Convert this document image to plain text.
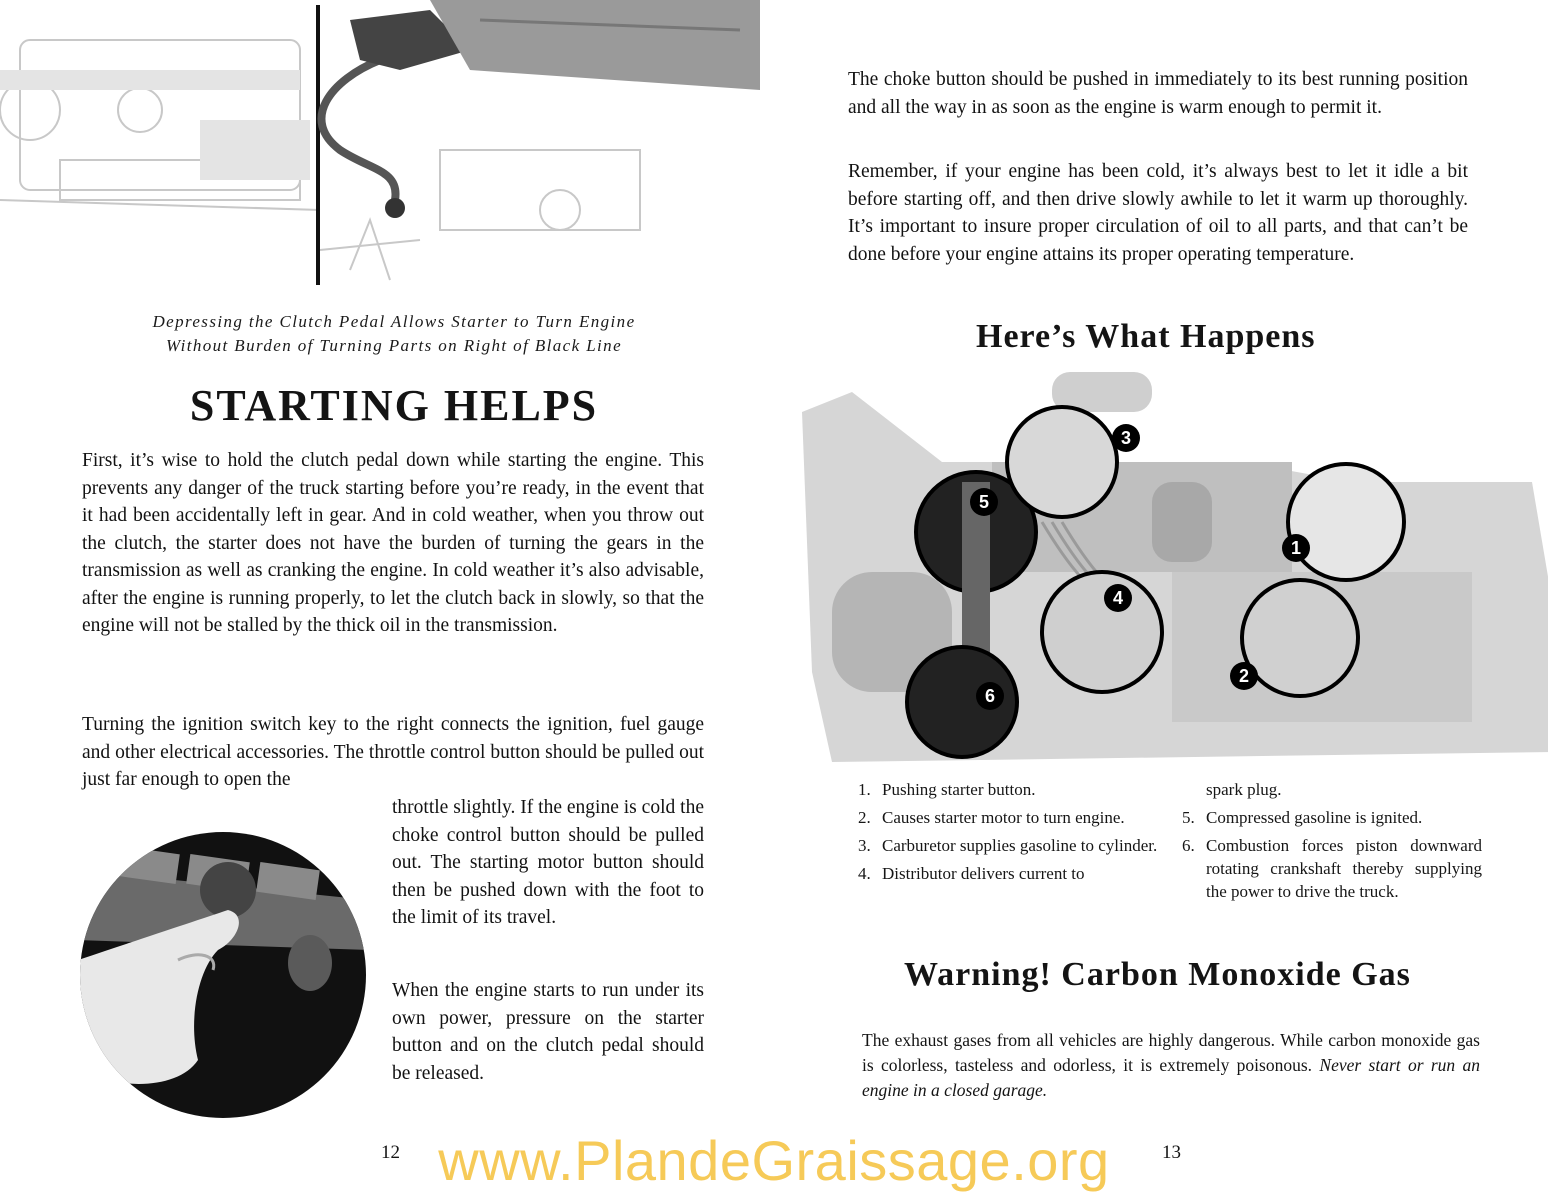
Depressing the Clutch Pedal Allows Starter to Turn Engine
Without Burden of Turning Parts on Right of Black Line
STARTING HELPS

First, it’s wise to hold the clutch pedal down while starting the engine. This prevents any danger of the truck starting before you’re ready, in the event that it had been accidentally left in gear. And in cold weather, when you throw out the clutch, the starter does not have the burden of turning the gears in the transmission as well as cranking the engine. In cold weather it’s also advisable, after the engine is running properly, to let the clutch back in slowly, so that the engine will not be stalled by the thick oil in the transmission.

Turning the ignition switch key to the right connects the ignition, fuel gauge and other electrical accessories. The throttle control button should be pulled out just far enough to open the

throttle slightly. If the engine is cold the choke control button should be pulled out. The starting motor button should then be pushed down with the foot to the limit of its travel.

When the engine starts to run under its own power, pressure on the starter button and on the clutch pedal should be released.

12

The choke button should be pushed in immediately to its best running position and all the way in as soon as the engine is warm enough to permit it.

Remember, if your engine has been cold, it’s always best to let it idle a bit before starting off, and then drive slowly awhile to let it warm up thoroughly. It’s important to insure proper circulation of oil to all parts, and that can’t be done before your engine attains its proper operating temperature.

Here’s What Happens
1
2
3
4
5
6
1. Pushing starter button.
2. Causes starter motor to turn engine.
3. Carburetor supplies gasoline to cylinder.
4. Distributor delivers current to
spark plug.
5. Compressed gasoline is ignited.
6. Combustion forces piston downward rotating crankshaft thereby supplying the power to drive the truck.
Warning! Carbon Monoxide Gas

The exhaust gases from all vehicles are highly dangerous. While carbon monoxide gas is colorless, tasteless and odorless, it is extremely poisonous. Never start or run an engine in a closed garage.

13
www.PlandeGraissage.org
